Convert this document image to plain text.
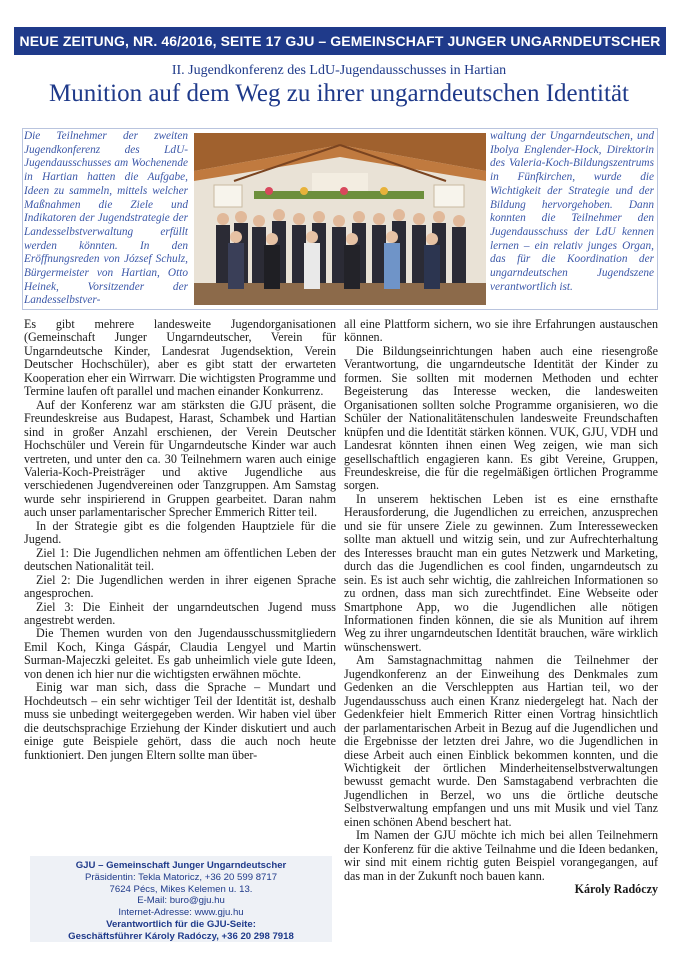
NEUE ZEITUNG, NR. 46/2016, SEITE 17 GJU – GEMEINSCHAFT JUNGER UNGARNDEUTSCHER
II. Jugendkonferenz des LdU-Jugendausschusses in Hartian
Munition auf dem Weg zu ihrer ungarndeutschen Identität
Die Teilnehmer der zweiten Jugendkonferenz des LdU-Jugendausschusses am Wochenende in Hartian hatten die Aufgabe, Ideen zu sammeln, mittels welcher Maßnahmen die Ziele und Indikatoren der Jugendstrategie der Landesselbstverwaltung erfüllt werden könnten. In den Eröffnungsreden von József Schulz, Bürgermeister von Hartian, Otto Heinek, Vorsitzender der Landesselbstver-
waltung der Ungarndeutschen, und Ibolya Englender-Hock, Direktorin des Valeria-Koch-Bildungszentrums in Fünfkirchen, wurde die Wichtigkeit der Strategie und der Bildung hervorgehoben. Dann konnten die Teilnehmer den Jugendausschuss der LdU kennen lernen – ein relativ junges Organ, das für die Koordination der ungarndeutschen Jugendszene verantwortlich ist.

Es gibt mehrere landesweite Jugendorganisationen (Gemeinschaft Junger Ungarndeutscher, Verein für Ungarndeutsche Kinder, Landesrat Jugendsektion, Verein Deutscher Hochschüler), aber es gibt statt der erwarteten Kooperation eher ein Wirrwarr. Die wichtigsten Programme und Termine laufen oft parallel und machen einander Konkurrenz.

Auf der Konferenz war am stärksten die GJU präsent, die Freundeskreise aus Budapest, Harast, Schambek und Hartian sind in großer Anzahl erschienen, der Verein Deutscher Hochschüler und Verein für Ungarndeutsche Kinder war auch vertreten, und unter den ca. 30 Teilnehmern waren auch einige Valeria-Koch-Preisträger und aktive Jugendliche aus verschiedenen Jugendvereinen oder Tanzgruppen. Am Samstag wurde sehr inspirierend in Gruppen gearbeitet. Daran nahm auch unser parlamentarischer Sprecher Emmerich Ritter teil.

In der Strategie gibt es die folgenden Hauptziele für die Jugend.

Ziel 1: Die Jugendlichen nehmen am öffentlichen Leben der deutschen Nationalität teil.

Ziel 2: Die Jugendlichen werden in ihrer eigenen Sprache angesprochen.

Ziel 3: Die Einheit der ungarndeutschen Jugend muss angestrebt werden.

Die Themen wurden von den Jugendausschussmitgliedern Emil Koch, Kinga Gáspár, Claudia Lengyel und Martin Surman-Majeczki geleitet. Es gab unheimlich viele gute Ideen, von denen ich hier nur die wichtigsten erwähnen möchte.

Einig war man sich, dass die Sprache – Mundart und Hochdeutsch – ein sehr wichtiger Teil der Identität ist, deshalb muss sie unbedingt weitergegeben werden. Wir haben viel über die deutschsprachige Erziehung der Kinder diskutiert und auch einige gute Beispiele gehört, dass die auch noch heute funktioniert. Den jungen Eltern sollte man über-

all eine Plattform sichern, wo sie ihre Erfahrungen austauschen können.

Die Bildungseinrichtungen haben auch eine riesengroße Verantwortung, die ungarndeutsche Identität der Kinder zu formen. Sie sollten mit modernen Methoden und echter Begeisterung das Interesse wecken, die landesweiten Organisationen sollten solche Programme organisieren, wo die Schüler der Nationalitätenschulen landesweite Freundschaften knüpfen und die Identität stärken können. VUK, GJU, VDH und Landesrat könnten ihnen einen Weg zeigen, wie man sich gesellschaftlich engagieren kann. Es gibt Vereine, Gruppen, Freundeskreise, die für die regelmäßigen örtlichen Programme sorgen.

In unserem hektischen Leben ist es eine ernsthafte Herausforderung, die Jugendlichen zu erreichen, anzusprechen und sie für unsere Ziele zu gewinnen. Zum Interessewecken sollte man aktuell und witzig sein, und zur Aufrechterhaltung des Interesses braucht man ein gutes Netzwerk und Marketing, durch das die Jugendlichen es cool finden, ungarndeutsch zu sein. Es ist auch sehr wichtig, die zahlreichen Informationen so zu ordnen, dass man sich zurechtfindet. Eine Webseite oder Smartphone App, wo die Jugendlichen alle nötigen Informationen finden können, die sie als Munition auf ihrem Weg zu ihrer ungarndeutschen Identität brauchen, wäre wirklich wünschenswert.

Am Samstagnachmittag nahmen die Teilnehmer der Jugendkonferenz an der Einweihung des Denkmales zum Gedenken an die Verschleppten aus Hartian teil, wo der Jugendausschuss auch einen Kranz niedergelegt hat. Nach der Gedenkfeier hielt Emmerich Ritter einen Vortrag hinsichtlich der parlamentarischen Arbeit in Bezug auf die Jugendlichen und die Ergebnisse der letzten drei Jahre, wo die Jugendlichen in diese Arbeit auch einen Einblick bekommen konnten, und die Wichtigkeit der örtlichen Minderheitenselbstverwaltungen bewusst gemacht wurde. Den Samstagabend verbrachten die Jugendlichen in Berzel, wo uns die örtliche deutsche Selbstverwaltung empfangen und uns mit Musik und viel Tanz einen schönen Abend beschert hat.

Im Namen der GJU möchte ich mich bei allen Teilnehmern der Konferenz für die aktive Teilnahme und die Ideen bedanken, wir sind mit einem richtig guten Beispiel vorangegangen, auf das man in der Zukunft noch bauen kann.

Károly Radóczy

GJU – Gemeinschaft Junger Ungarndeutscher
Präsidentin: Tekla Matoricz, +36 20 599 8717
7624 Pécs, Mikes Kelemen u. 13.
E-Mail: buro@gju.hu
Internet-Adresse: www.gju.hu
Verantwortlich für die GJU-Seite:
Geschäftsführer Károly Radóczy, +36 20 298 7918
